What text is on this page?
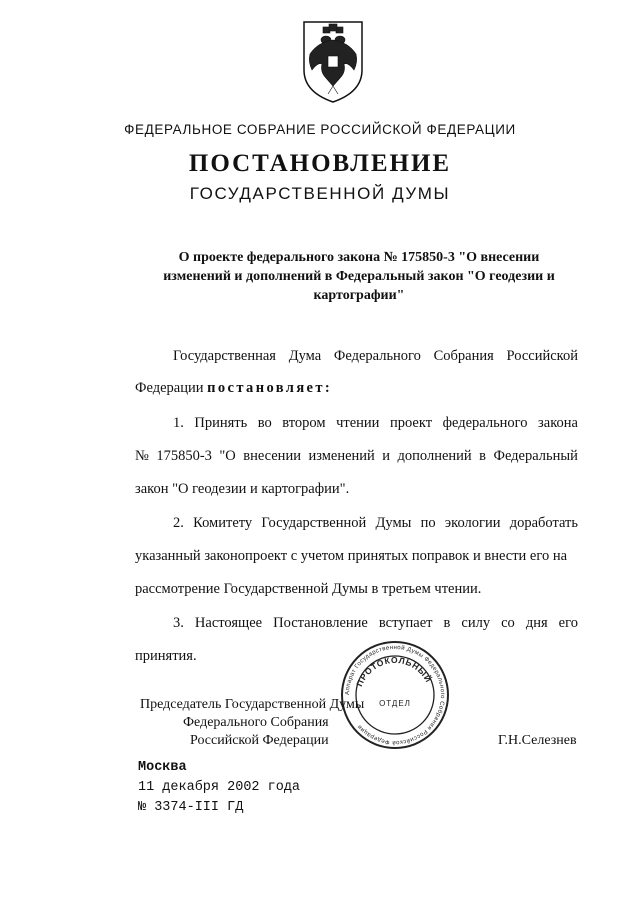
ФЕДЕРАЛЬНОЕ СОБРАНИЕ РОССИЙСКОЙ ФЕДЕРАЦИИ
ПОСТАНОВЛЕНИЕ
ГОСУДАРСТВЕННОЙ ДУМЫ
О проекте федерального закона № 175850-3 "О внесении
изменений и дополнений в Федеральный закон "О геодезии и
картографии"
Государственная Дума Федерального Собрания Российской
Федерации постановляет:
1. Принять во втором чтении проект федерального закона
№ 175850-3 "О внесении изменений и дополнений в Федеральный
закон "О геодезии и картографии".
2. Комитету Государственной Думы по экологии доработать
указанный законопроект с учетом принятых поправок и внести его на
рассмотрение Государственной Думы в третьем чтении.
3. Настоящее Постановление вступает в силу со дня его
принятия.
Аппарат Государственной Думы Федерального Собрания Российской Федерации
ПРОТОКОЛЬНЫЙ
ОТДЕЛ
Председатель Государственной Думы
Федерального Собрания
Российской Федерации	Г.Н.Селезнев
Москва
11 декабря 2002 года
№ 3374-III ГД
